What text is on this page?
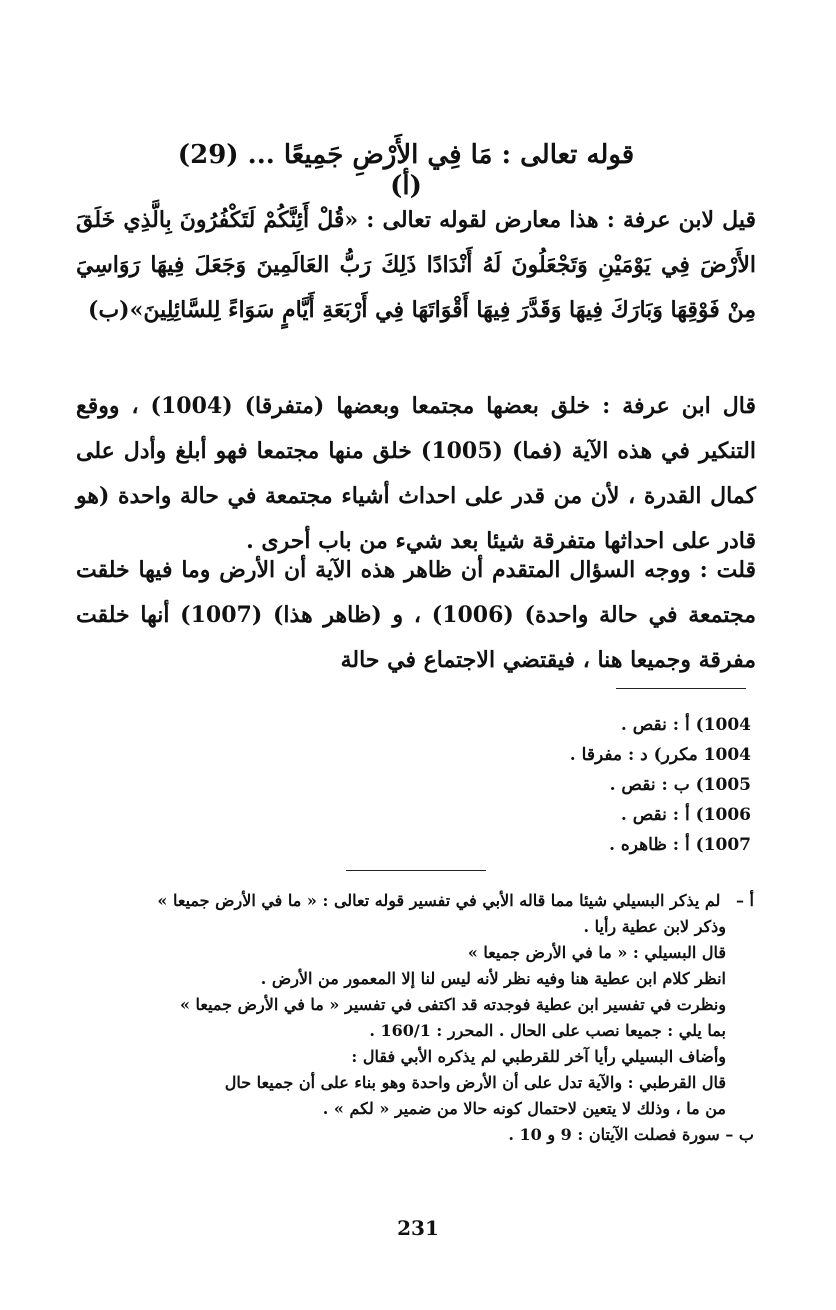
قوله تعالى : مَا فِي الأَرْضِ جَمِيعًا ... (29) (أ)

قيل لابن عرفة : هذا معارض لقوله تعالى : «قُلْ أَئِنَّكُمْ لَتَكْفُرُونَ بِالَّذِي خَلَقَ الأَرْضَ فِي يَوْمَيْنِ وَتَجْعَلُونَ لَهُ أَنْدَادًا ذَلِكَ رَبُّ العَالَمِينَ وَجَعَلَ فِيهَا رَوَاسِيَ مِنْ فَوْقِهَا وَبَارَكَ فِيهَا وَقَدَّرَ فِيهَا أَقْوَاتَهَا فِي أَرْبَعَةِ أَيَّامٍ سَوَاءً لِلسَّائِلِينَ»(ب)

قال ابن عرفة : خلق بعضها مجتمعا وبعضها (متفرقا) (1004) ، ووقع التنكير في هذه الآية (فما) (1005) خلق منها مجتمعا فهو أبلغ وأدل على كمال القدرة ، لأن من قدر على احداث أشياء مجتمعة في حالة واحدة (هو قادر على احداثها متفرقة شيئا بعد شيء من باب أحرى .

قلت : ووجه السؤال المتقدم أن ظاهر هذه الآية أن الأرض وما فيها خلقت مجتمعة في حالة واحدة) (1006) ، و (ظاهر هذا) (1007) أنها خلقت مفرقة وجميعا هنا ، فيقتضي الاجتماع في حالة

1004) أ : نقص .
1004 مكرر) د : مفرقا .
1005) ب : نقص .
1006) أ : نقص .
1007) أ : ظاهره .
أ – لم يذكر البسيلي شيئا مما قاله الأبي في تفسير قوله تعالى : « ما في الأرض جميعا »
وذكر لابن عطية رأيا .
قال البسيلي : « ما في الأرض جميعا »
انظر كلام ابن عطية هنا وفيه نظر لأنه ليس لنا إلا المعمور من الأرض .
ونظرت في تفسير ابن عطية فوجدته قد اكتفى في تفسير « ما في الأرض جميعا »
بما يلي : جميعا نصب على الحال . المحرر : 160/1 .
وأضاف البسيلي رأيا آخر للقرطبي لم يذكره الأبي فقال :
قال القرطبي : والآية تدل على أن الأرض واحدة وهو بناء على أن جميعا حال
من ما ، وذلك لا يتعين لاحتمال كونه حالا من ضمير « لكم » .
ب – سورة فصلت الآيتان : 9 و 10 .
231
